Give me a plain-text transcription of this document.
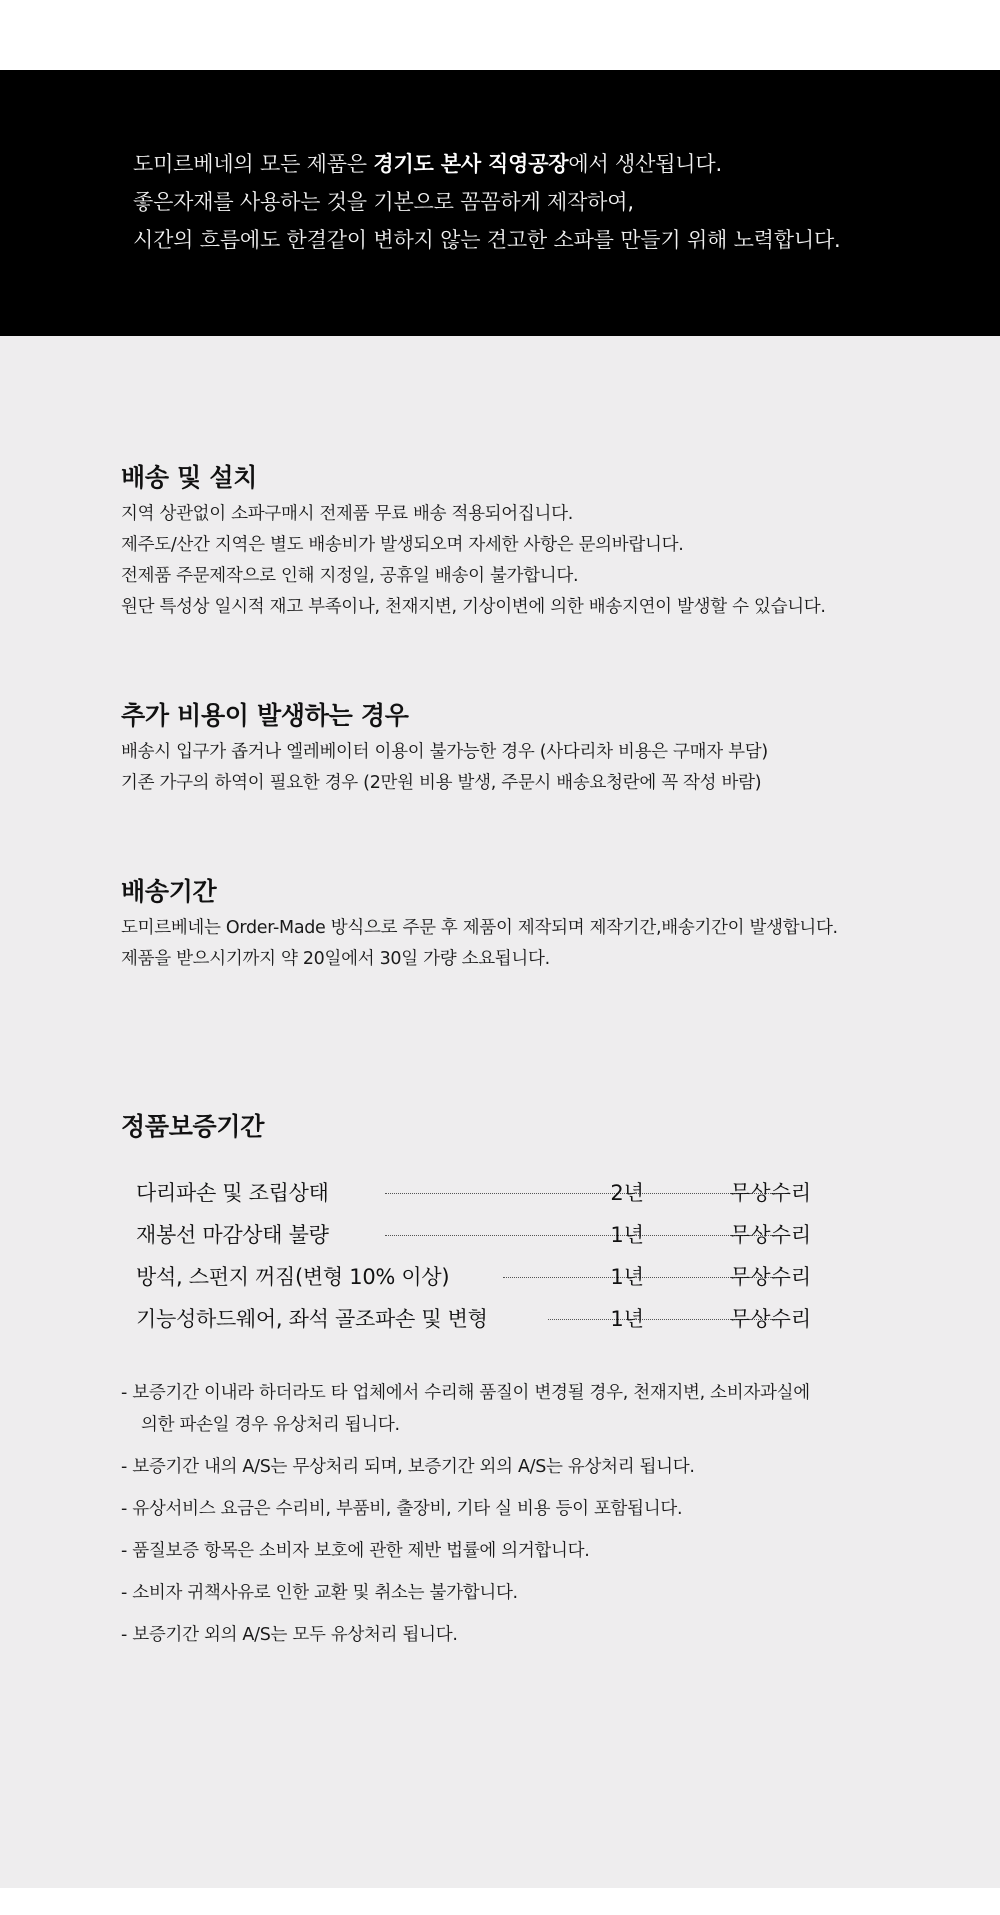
도미르베네의 모든 제품은 경기도 본사 직영공장에서 생산됩니다.
좋은자재를 사용하는 것을 기본으로 꼼꼼하게 제작하여,
시간의 흐름에도 한결같이 변하지 않는 견고한 소파를 만들기 위해 노력합니다.
배송 및 설치
지역 상관없이 소파구매시 전제품 무료 배송 적용되어집니다.
제주도/산간 지역은 별도 배송비가 발생되오며 자세한 사항은 문의바랍니다.
전제품 주문제작으로 인해 지정일, 공휴일 배송이 불가합니다.
원단 특성상 일시적 재고 부족이나, 천재지변, 기상이변에 의한 배송지연이 발생할 수 있습니다.
추가 비용이 발생하는 경우
배송시 입구가 좁거나 엘레베이터 이용이 불가능한 경우 (사다리차 비용은 구매자 부담)
기존 가구의 하역이 필요한 경우 (2만원 비용 발생, 주문시 배송요청란에 꼭 작성 바람)
배송기간
도미르베네는 Order-Made 방식으로 주문 후 제품이 제작되며 제작기간,배송기간이 발생합니다.
제품을 받으시기까지 약 20일에서 30일 가량 소요됩니다.
정품보증기간
다리파손 및 조립상태	2년	무상수리
재봉선 마감상태 불량	1년	무상수리
방석, 스펀지 꺼짐(변형 10% 이상)	1년	무상수리
기능성하드웨어, 좌석 골조파손 및 변형	1년	무상수리
- 보증기간 이내라 하더라도 타 업체에서 수리해 품질이 변경될 경우, 천재지변, 소비자과실에
의한 파손일 경우 유상처리 됩니다.
- 보증기간 내의 A/S는 무상처리 되며, 보증기간 외의 A/S는 유상처리 됩니다.
- 유상서비스 요금은 수리비, 부품비, 출장비, 기타 실 비용 등이 포함됩니다.
- 품질보증 항목은 소비자 보호에 관한 제반 법률에 의거합니다.
- 소비자 귀책사유로 인한 교환 및 취소는 불가합니다.
- 보증기간 외의 A/S는 모두 유상처리 됩니다.
